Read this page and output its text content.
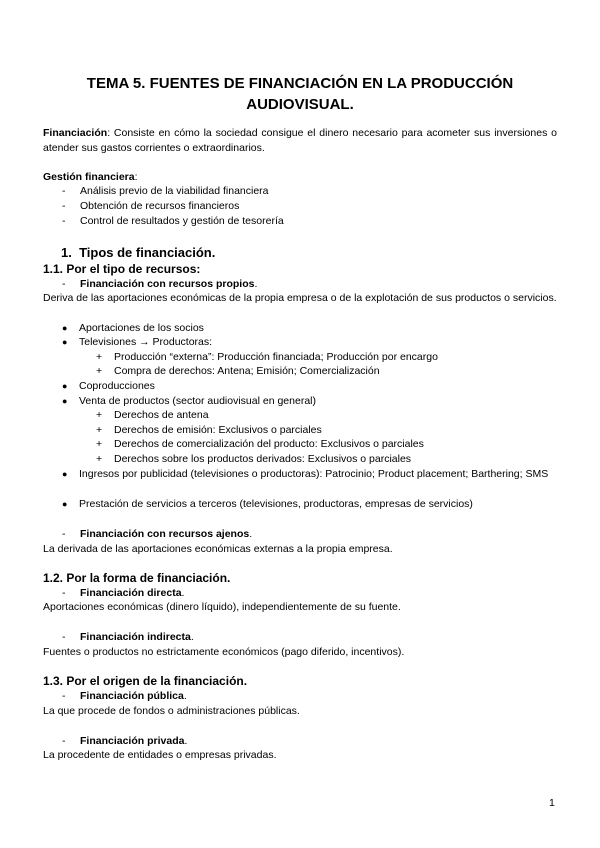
TEMA 5. FUENTES DE FINANCIACIÓN EN LA PRODUCCIÓN AUDIOVISUAL.
Financiación: Consiste en cómo la sociedad consigue el dinero necesario para acometer sus inversiones o atender sus gastos corrientes o extraordinarios.
Gestión financiera:
- Análisis previo de la viabilidad financiera
- Obtención de recursos financieros
- Control de resultados y gestión de tesorería
1. Tipos de financiación.
1.1. Por el tipo de recursos:
- Financiación con recursos propios.
Deriva de las aportaciones económicas de la propia empresa o de la explotación de sus productos o servicios.
● Aportaciones de los socios
● Televisiones → Productoras:
+ Producción “externa”: Producción financiada; Producción por encargo
+ Compra de derechos: Antena; Emisión; Comercialización
● Coproducciones
● Venta de productos (sector audiovisual en general)
+ Derechos de antena
+ Derechos de emisión: Exclusivos o parciales
+ Derechos de comercialización del producto: Exclusivos o parciales
+ Derechos sobre los productos derivados: Exclusivos o parciales
● Ingresos por publicidad (televisiones o productoras): Patrocinio; Product placement; Barthering; SMS
● Prestación de servicios a terceros (televisiones, productoras, empresas de servicios)
- Financiación con recursos ajenos.
La derivada de las aportaciones económicas externas a la propia empresa.
1.2. Por la forma de financiación.
- Financiación directa.
Aportaciones económicas (dinero líquido), independientemente de su fuente.
- Financiación indirecta.
Fuentes o productos no estrictamente económicos (pago diferido, incentivos).
1.3. Por el origen de la financiación.
- Financiación pública.
La que procede de fondos o administraciones públicas.
- Financiación privada.
La procedente de entidades o empresas privadas.
1
